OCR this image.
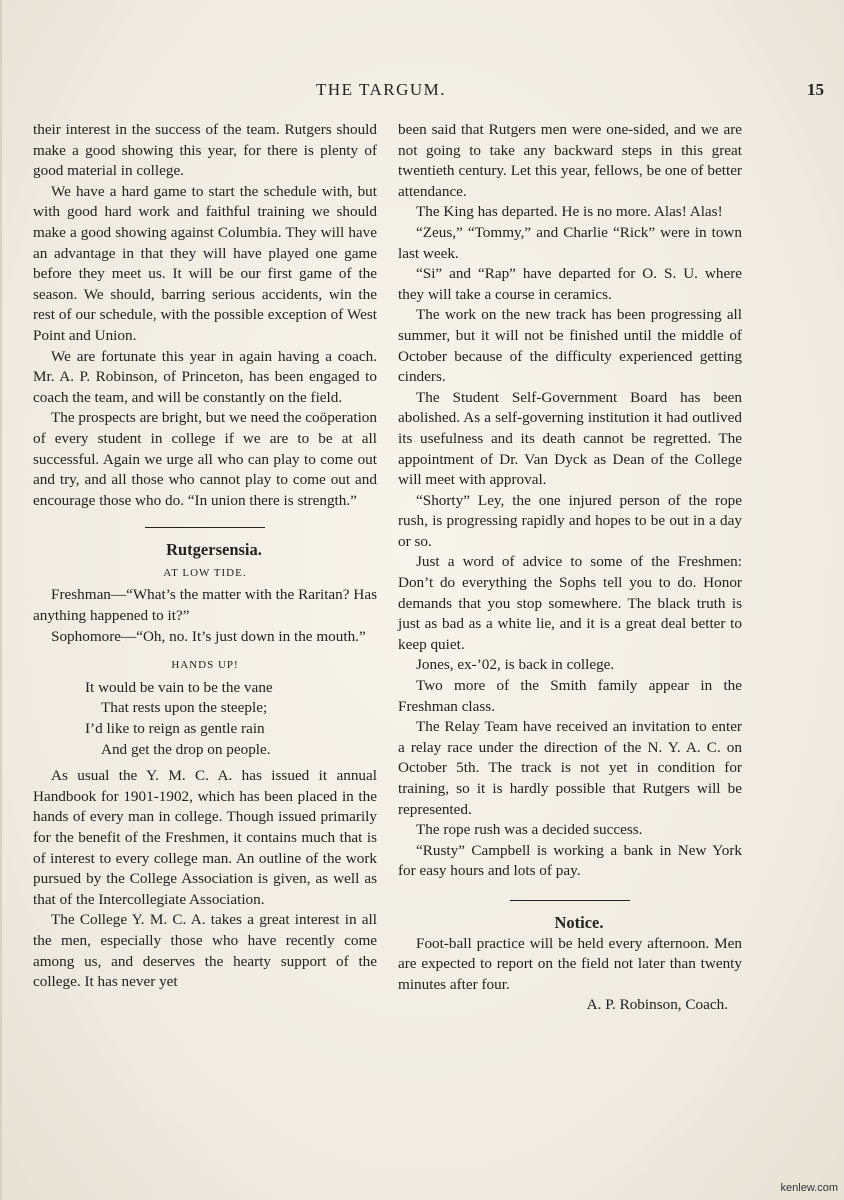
THE TARGUM.	15

their interest in the success of the team. Rutgers should make a good showing this year, for there is plenty of good material in college.

We have a hard game to start the schedule with, but with good hard work and faithful training we should make a good showing against Columbia. They will have an advantage in that they will have played one game before they meet us. It will be our first game of the season. We should, barring serious accidents, win the rest of our schedule, with the possible exception of West Point and Union.

We are fortunate this year in again having a coach. Mr. A. P. Robinson, of Princeton, has been engaged to coach the team, and will be constantly on the field.

The prospects are bright, but we need the coöperation of every student in college if we are to be at all successful. Again we urge all who can play to come out and try, and all those who cannot play to come out and encourage those who do. “In union there is strength.”

Rutgersensia.

AT LOW TIDE.

Freshman—“What’s the matter with the Raritan? Has anything happened to it?”

Sophomore—“Oh, no. It’s just down in the mouth.”

HANDS UP!
It would be vain to be the vane
That rests upon the steeple;
I’d like to reign as gentle rain
And get the drop on people.

As usual the Y. M. C. A. has issued it annual Handbook for 1901-1902, which has been placed in the hands of every man in college. Though issued primarily for the benefit of the Freshmen, it contains much that is of interest to every college man. An outline of the work pursued by the College Association is given, as well as that of the Intercollegiate Association.

The College Y. M. C. A. takes a great interest in all the men, especially those who have recently come among us, and deserves the hearty support of the college. It has never yet

been said that Rutgers men were one-sided, and we are not going to take any backward steps in this great twentieth century. Let this year, fellows, be one of better attendance.

The King has departed. He is no more. Alas! Alas!

“Zeus,” “Tommy,” and Charlie “Rick” were in town last week.

“Si” and “Rap” have departed for O. S. U. where they will take a course in ceramics.

The work on the new track has been progressing all summer, but it will not be finished until the middle of October because of the difficulty experienced getting cinders.

The Student Self-Government Board has been abolished. As a self-governing institution it had outlived its usefulness and its death cannot be regretted. The appointment of Dr. Van Dyck as Dean of the College will meet with approval.

“Shorty” Ley, the one injured person of the rope rush, is progressing rapidly and hopes to be out in a day or so.

Just a word of advice to some of the Freshmen: Don’t do everything the Sophs tell you to do. Honor demands that you stop somewhere. The black truth is just as bad as a white lie, and it is a great deal better to keep quiet.

Jones, ex-’02, is back in college.

Two more of the Smith family appear in the Freshman class.

The Relay Team have received an invitation to enter a relay race under the direction of the N. Y. A. C. on October 5th. The track is not yet in condition for training, so it is hardly possible that Rutgers will be represented.

The rope rush was a decided success.

“Rusty” Campbell is working a bank in New York for easy hours and lots of pay.

Notice.

Foot-ball practice will be held every afternoon. Men are expected to report on the field not later than twenty minutes after four.

A. P. Robinson, Coach.

kenlew.com
